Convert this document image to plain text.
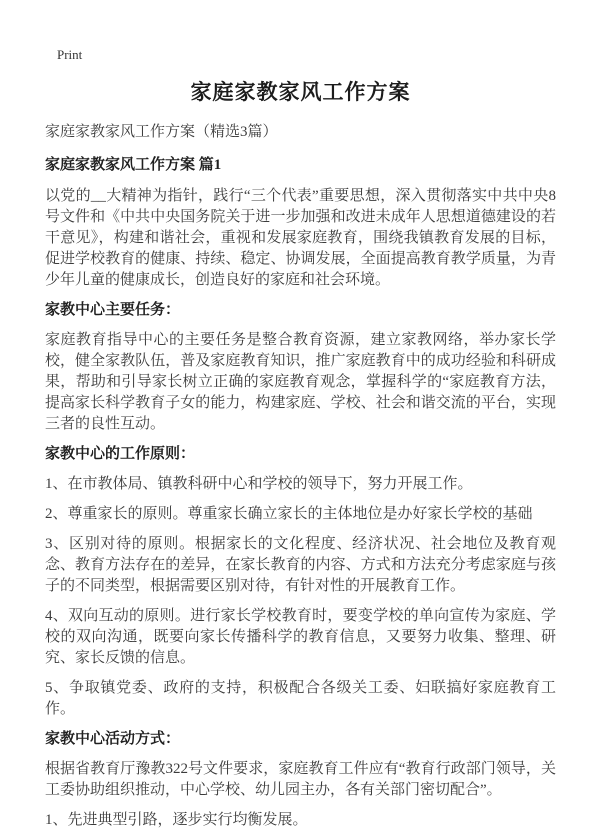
Print
家庭家教家风工作方案

家庭家教家风工作方案（精选3篇）

家庭家教家风工作方案 篇1

以党的__大精神为指针，践行“三个代表”重要思想，深入贯彻落实中共中央8号文件和《中共中央国务院关于进一步加强和改进未成年人思想道德建设的若干意见》，构建和谐社会，重视和发展家庭教育，围绕我镇教育发展的目标，促进学校教育的健康、持续、稳定、协调发展，全面提高教育教学质量，为青少年儿童的健康成长，创造良好的家庭和社会环境。

家教中心主要任务：

家庭教育指导中心的主要任务是整合教育资源，建立家教网络，举办家长学校，健全家教队伍，普及家庭教育知识，推广家庭教育中的成功经验和科研成果，帮助和引导家长树立正确的家庭教育观念，掌握科学的“家庭教育方法，提高家长科学教育子女的能力，构建家庭、学校、社会和谐交流的平台，实现三者的良性互动。

家教中心的工作原则：

1、在市教体局、镇教科研中心和学校的领导下，努力开展工作。

2、尊重家长的原则。尊重家长确立家长的主体地位是办好家长学校的基础

3、区别对待的原则。根据家长的文化程度、经济状况、社会地位及教育观念、教育方法存在的差异，在家长教育的内容、方式和方法充分考虑家庭与孩子的不同类型，根据需要区别对待，有针对性的开展教育工作。

4、双向互动的原则。进行家长学校教育时，要变学校的单向宣传为家庭、学校的双向沟通，既要向家长传播科学的教育信息，又要努力收集、整理、研究、家长反馈的信息。

5、争取镇党委、政府的支持，积极配合各级关工委、妇联搞好家庭教育工作。

家教中心活动方式：

根据省教育厅豫教322号文件要求，家庭教育工件应有“教育行政部门领导，关工委协助组织推动，中心学校、幼儿园主办，各有关部门密切配合”。

1、先进典型引路，逐步实行均衡发展。
